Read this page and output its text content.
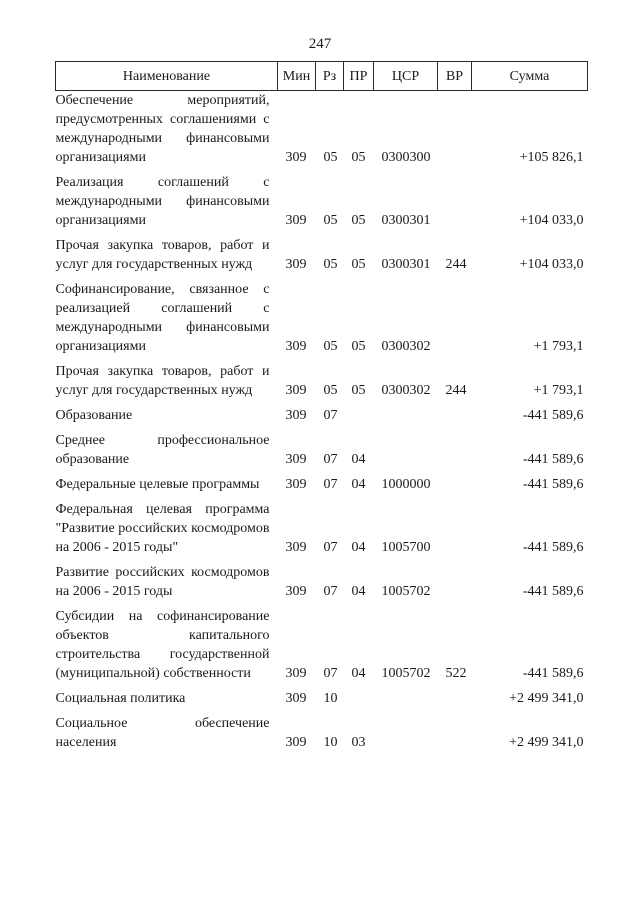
247
Наименование	Мин	Рз	ПР	ЦСР	ВР	Сумма
Обеспечение мероприятий, предусмотренных соглашениями с международными финансовыми организациями	309	05	05	0300300		+105 826,1

Реализация соглашений с международными финансовыми организациями	309	05	05	0300301		+104 033,0

Прочая закупка товаров, работ и услуг для государственных нужд	309	05	05	0300301	244	+104 033,0

Софинансирование, связанное с реализацией соглашений с международными финансовыми организациями	309	05	05	0300302		+1 793,1

Прочая закупка товаров, работ и услуг для государственных нужд	309	05	05	0300302	244	+1 793,1

Образование	309	07				-441 589,6

Среднее профессиональное образование	309	07	04			-441 589,6

Федеральные целевые программы	309	07	04	1000000		-441 589,6

Федеральная целевая программа "Развитие российских космодромов на 2006 - 2015 годы"	309	07	04	1005700		-441 589,6

Развитие российских космодромов на 2006 - 2015 годы	309	07	04	1005702		-441 589,6

Субсидии на софинансирование объектов капитального строительства государственной (муниципальной) собственности	309	07	04	1005702	522	-441 589,6

Социальная политика	309	10				+2 499 341,0

Социальное обеспечение населения	309	10	03			+2 499 341,0
